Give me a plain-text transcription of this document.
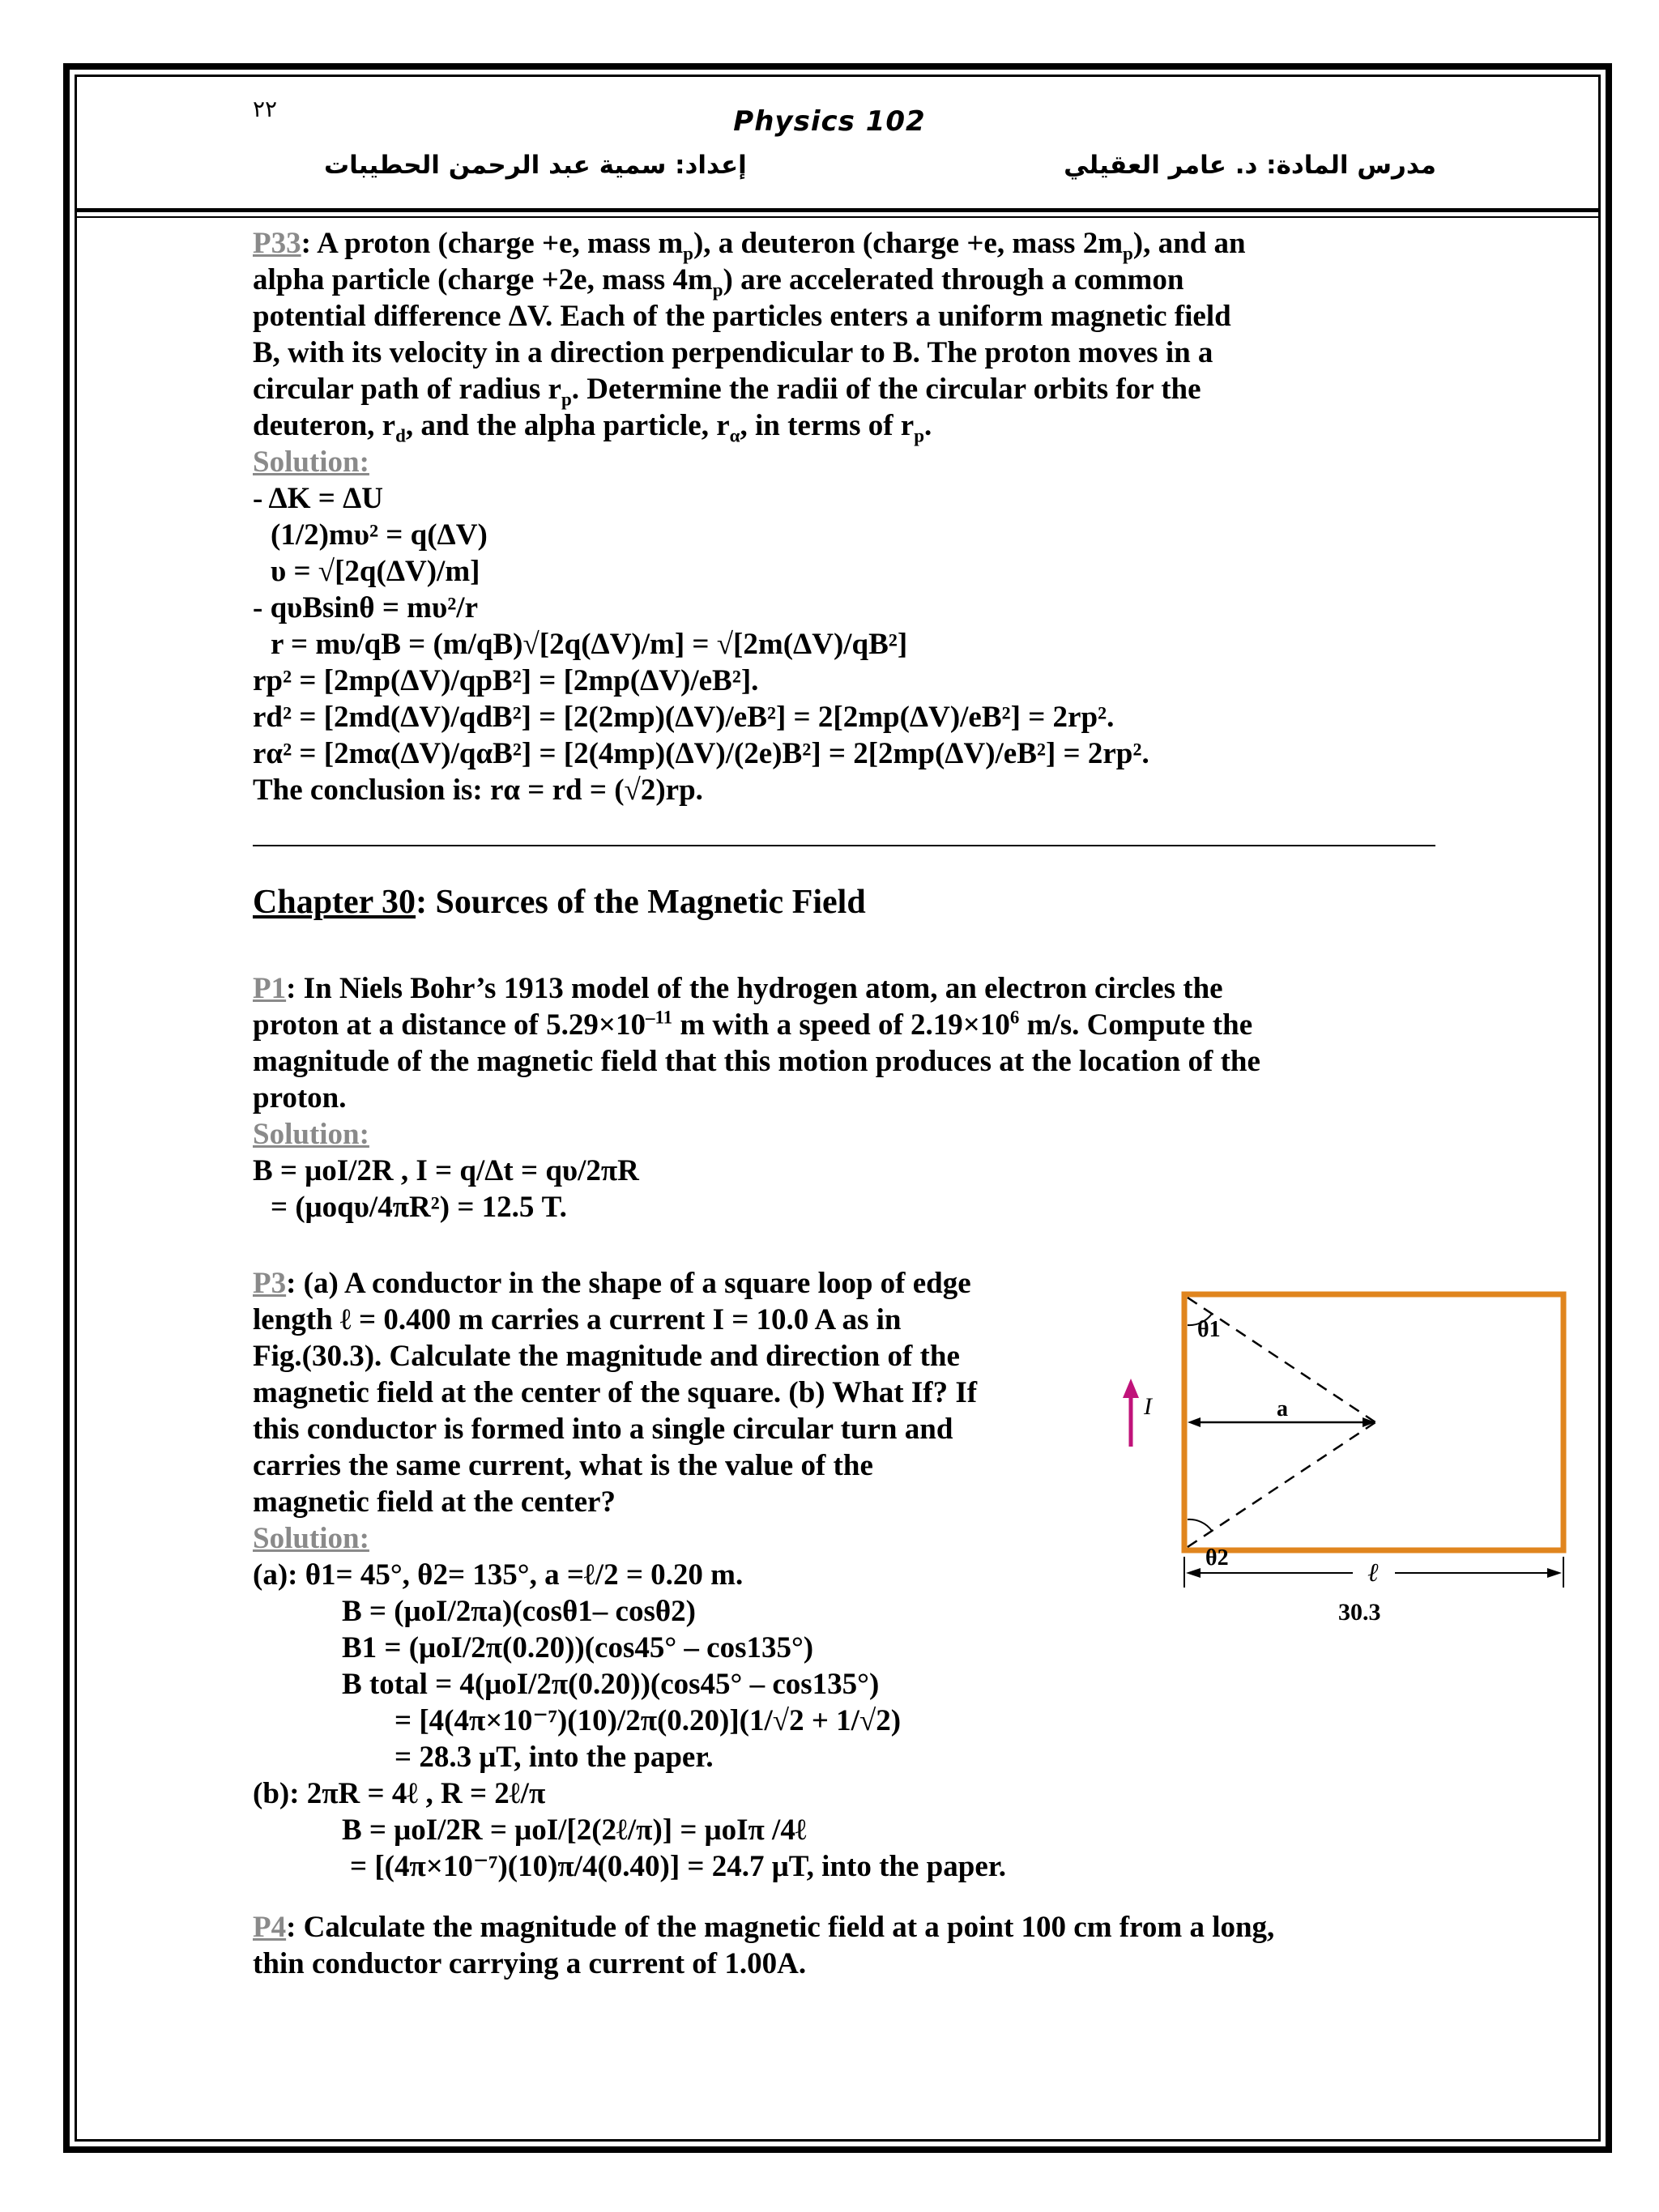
٢٢	Physics 102
إعداد: سمية عبد الرحمن الحطيبات	مدرس المادة: د. عامر العقيلي

P33: A proton (charge +e, mass $m_p$), a deuteron (charge +e, mass $2m_p$), and an

alpha particle (charge +2e, mass $4m_p$) are accelerated through a common

potential difference ΔV. Each of the particles enters a uniform magnetic field

B, with its velocity in a direction perpendicular to B. The proton moves in a

circular path of radius $r_p$. Determine the radii of the circular orbits for the

deuteron, $r_d$, and the alpha particle, $r_\alpha$, in terms of $r_p$.

Solution:

- ΔK = ΔU

(1/2)mυ² = q(ΔV)

υ = √[2q(ΔV)/m]

- qυBsinθ = mυ²/r

r = mυ/qB = (m/qB)√[2q(ΔV)/m] = √[2m(ΔV)/qB²]

rp² = [2mp(ΔV)/qpB²] = [2mp(ΔV)/eB²].

rd² = [2md(ΔV)/qdB²] = [2(2mp)(ΔV)/eB²] = 2[2mp(ΔV)/eB²] = 2rp².

rα² = [2mα(ΔV)/qαB²] = [2(4mp)(ΔV)/(2e)B²] = 2[2mp(ΔV)/eB²] = 2rp².

The conclusion is: rα = rd = (√2)rp.

Chapter 30: Sources of the Magnetic Field

P1: In Niels Bohr’s 1913 model of the hydrogen atom, an electron circles the

proton at a distance of $5.29\times 10^{-11}$ m with a speed of $2.19\times 10^6$ m/s. Compute the

magnitude of the magnetic field that this motion produces at the location of the

proton.

Solution:

B = μoI/2R , I = q/Δt = qυ/2πR

= (μoqυ/4πR²) = 12.5 T.

P3: (a) A conductor in the shape of a square loop of edge

length ℓ = 0.400 m carries a current I = 10.0 A as in

Fig.(30.3). Calculate the magnitude and direction of the

magnetic field at the center of the square. (b) What If? If

this conductor is formed into a single circular turn and

carries the same current, what is the value of the

magnetic field at the center?

Solution:

(a): θ1= 45°, θ2= 135°, a =ℓ/2 = 0.20 m.

B = (μoI/2πa)(cosθ1– cosθ2)

B1 = (μoI/2π(0.20))(cos45° – cos135°)

B total = 4(μoI/2π(0.20))(cos45° – cos135°)

= [4(4π×10⁻⁷)(10)/2π(0.20)](1/√2 + 1/√2)

= 28.3 μT, into the paper.

(b): 2πR = 4ℓ , R = 2ℓ/π

B = μoI/2R = μoI/[2(2ℓ/π)] = μoIπ /4ℓ

= [(4π×10⁻⁷)(10)π/4(0.40)] = 24.7 μT, into the paper.

θ1
θ2
a
I
ℓ
30.3

P4: Calculate the magnitude of the magnetic field at a point 100 cm from a long,

thin conductor carrying a current of 1.00A.
